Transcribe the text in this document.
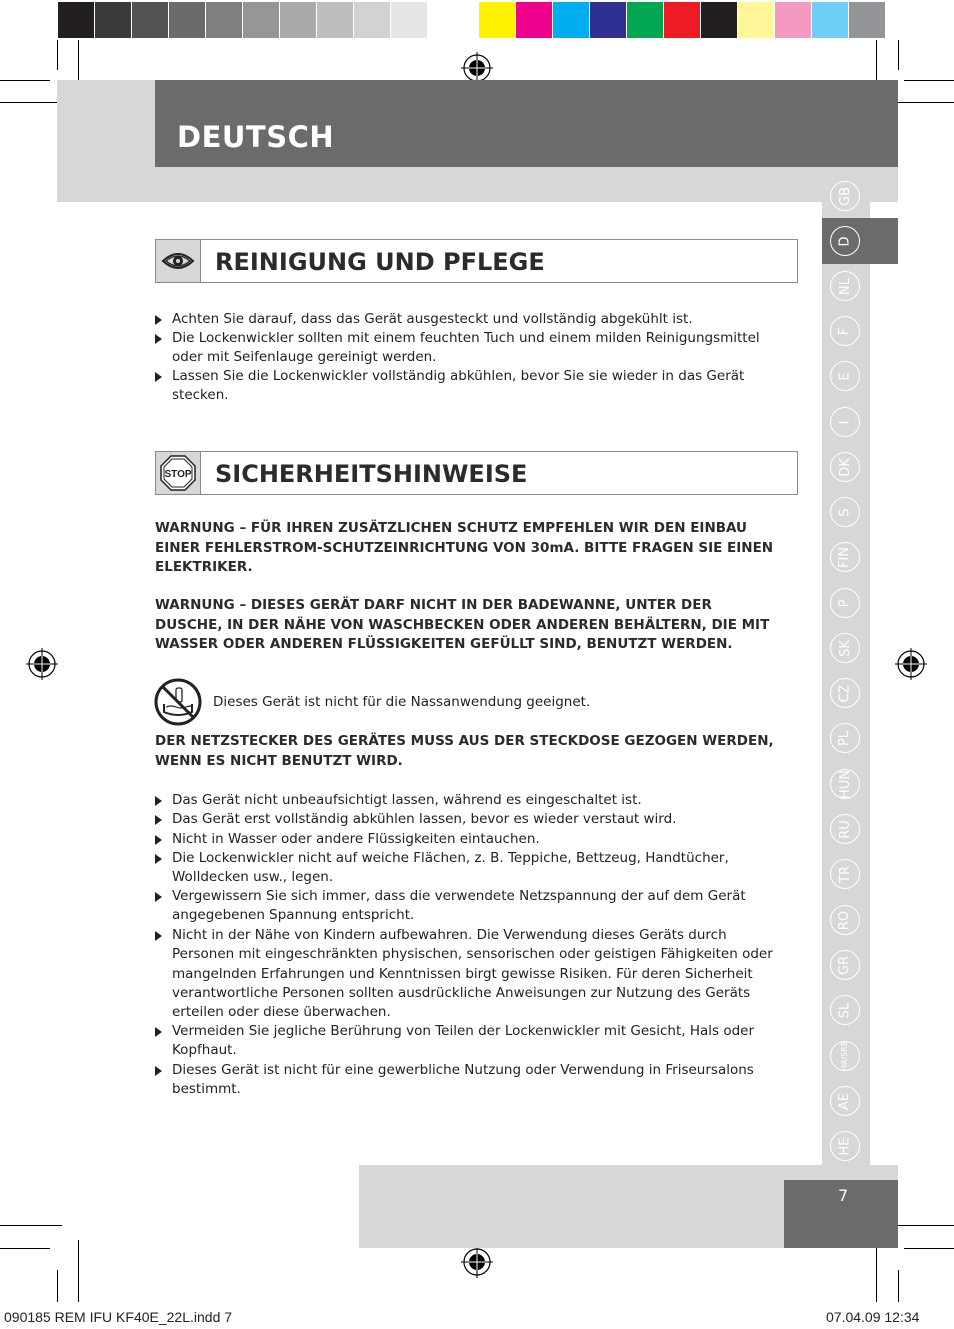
DEUTSCH
GB
D
NL
F
E
I
DK
S
FIN
P
SK
CZ
PL
HUN
RU
TR
RO
GR
SL
HR/SRB
AE
HE
REINIGUNG UND PFLEGE
Achten Sie darauf, dass das Gerät ausgesteckt und vollständig abgekühlt ist.
Die Lockenwickler sollten mit einem feuchten Tuch und einem milden Reinigungsmittel oder mit Seifenlauge gereinigt werden.
Lassen Sie die Lockenwickler vollständig abkühlen, bevor Sie sie wieder in das Gerät stecken.
STOP SICHERHEITSHINWEISE
WARNUNG – FÜR IHREN ZUSÄTZLICHEN SCHUTZ EMPFEHLEN WIR DEN EINBAU EINER FEHLERSTROM-SCHUTZEINRICHTUNG VON 30mA. BITTE FRAGEN SIE EINEN ELEKTRIKER.
WARNUNG – DIESES GERÄT DARF NICHT IN DER BADEWANNE, UNTER DER DUSCHE, IN DER NÄHE VON WASCHBECKEN ODER ANDEREN BEHÄLTERN, DIE MIT WASSER ODER ANDEREN FLÜSSIGKEITEN GEFÜLLT SIND, BENUTZT WERDEN.
Dieses Gerät ist nicht für die Nassanwendung geeignet.
DER NETZSTECKER DES GERÄTES MUSS AUS DER STECKDOSE GEZOGEN WERDEN, WENN ES NICHT BENUTZT WIRD.
Das Gerät nicht unbeaufsichtigt lassen, während es eingeschaltet ist.
Das Gerät erst vollständig abkühlen lassen, bevor es wieder verstaut wird.
Nicht in Wasser oder andere Flüssigkeiten eintauchen.
Die Lockenwickler nicht auf weiche Flächen, z. B. Teppiche, Bettzeug, Handtücher, Wolldecken usw., legen.
Vergewissern Sie sich immer, dass die verwendete Netzspannung der auf dem Gerät angegebenen Spannung entspricht.
Nicht in der Nähe von Kindern aufbewahren. Die Verwendung dieses Geräts durch Personen mit eingeschränkten physischen, sensorischen oder geistigen Fähigkeiten oder mangelnden Erfahrungen und Kenntnissen birgt gewisse Risiken. Für deren Sicherheit verantwortliche Personen sollten ausdrückliche Anweisungen zur Nutzung des Geräts erteilen oder diese überwachen.
Vermeiden Sie jegliche Berührung von Teilen der Lockenwickler mit Gesicht, Hals oder Kopfhaut.
Dieses Gerät ist nicht für eine gewerbliche Nutzung oder Verwendung in Friseursalons bestimmt.
7
090185 REM IFU KF40E_22L.indd 7	07.04.09 12:34
